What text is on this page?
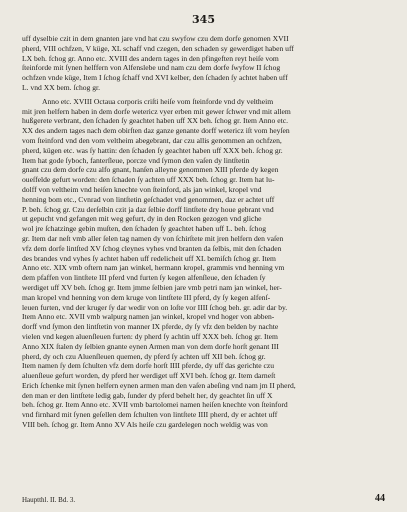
345
uff dyselbie czit in dem gnanten jare vnd hat czu swyfow czu dem dorfe genomen XVII
pherd, VIII ochfzen, V küge, XL schaff vnd czegen, den schaden sy gewerdiget haben uff
LX beh. fchog gr. Anno etc. XVIII des andern tages in den pfingeften reyt heiſe vom
ſteinforde mit ſynen helffern von Alfenslebe und nam czu dem dorfe ſwyfow II ſchog
ochfzen vnde küge, Item I ſchog ſchaff vnd XVI kelber, den ſchaden ſy achtet haben uff
L. vnd XX bem. ſchog gr.
Anno etc. XVIII Octaua corporis criſti heiſe vom ſteinforde vnd dy veltheim
mit jren helfern haben in dem dorfe wetericz vyer erben mit gewer ſchwer vnd mit allem
hußgerete verbrant, den ſchaden ſy geachtet haben uff XX beh. ſchog gr. Item Anno etc.
XX des andern tages nach dem obirſten daz ganze genante dorff wetericz iſt vom heyſen
vom ſteinford vnd den vom veltheim abegebrant, dar czu allis genommen an ochfzen,
pherd, kügen etc. was ſy hattin: den ſchaden ſy geachtet haben uff XXX beh. ſchog gr.
Item hat gode ſyboch, fanterſleue, porcze vnd ſymon den vaſen dy lintſtetin
gnant czu dem dorfe czu alfo gnant, hanſen alleyne genommen XIII pferde dy kegen
oueſfelde gefurt worden: den ſchaden ſy achten uff XXX beh. ſchog gr. Item hat lu-
dolff von veltheim vnd heiſen knechte von ſteinford, als jan winkel, kropel vnd
henning bom etc., Cvnrad von lintſtetin geſchadet vnd genommen, daz er achtet uff
P. beh. ſchog gr. Czu derſelbin czit ja daz ſelbie dorff lintſtete dry houe gebrant vnd
ut gepucht vnd gefangen mit weg gefurt, dy in den Rocken gezogen vnd gliche
wol jre ſchatzinge gebin muſten, den ſchaden ſy geachtet haben uff L. beh. ſchog
gr. Item dar neſt vmb aller ſelen tag namen dy von ſchirſtete mit jren helfern den vaſen
vfz dem dorfe lintſted XV ſchog cleynes vyhes vnd branten da ſelbis, mit den ſchaden
des brandes vnd vyhes ſy achtet haben uff redelicheit uff XL bemiſch ſchog gr. Item
Anno etc. XIX vmb oftern nam jan winkel, hermann kropel, grammis vnd henning vm
dem pfaffen von lintſtete III pferd vnd furten ſy kegen alfenſleue, den ſchaden ſy
werdiget uff XV beh. ſchog gr. Item jmme ſelbien jare vmb petri nam jan winkel, her-
man kropel vnd henning von dem kruge von lintſtete III pferd, dy ſy kegen alfenſ-
leuen furten, vnd der kruger ſy dar wedir von on loſte vor IIII ſchog beh. gr. adir dar by.
Item Anno etc. XVII vmb walpurg namen jan winkel, kropel vnd hoger von abben-
dorff vnd ſymon den lintſtetin von manner IX pferde, dy ſy vfz den belden by nachte
vielen vnd kegen aluenſleuen furten: dy pherd ſy achtin uff XXX beh. ſchog gr. Item
Anno XIX ſtalen dy ſelbien gnante eynen Armen man von dem dorfe horſt genant III
pherd, dy och czu Aluenſleuen quemen, dy pferd ſy achten uff XII beh. ſchog gr.
Item namen ſy dem ſchulten vfz dem dorfe horſt IIII pferde, dy uff das gerichte czu
aluenſleue gefurt worden, dy pferd her werdiget uff XVI beh. ſchog gr. Item darneſt
Erich ſchenke mit ſynen helfern eynen armen man den vaſen abeſing vnd nam jm II pherd,
den man er den lintſtete ledig gab, ſunder dy pferd behelt her, dy geachtet ſin uff X
beh. ſchog gr. Item Anno etc. XVII vmb bartolomei namen heiſen knechte von ſteinford
vnd firnhard mit ſynen geſellen dem ſchulten von lintſtete IIII pherd, dy er achtet uff
VIII beh. ſchog gr. Item Anno XV Als heiſe czu gardelegen noch weldig was von
Hauptthl. II. Bd. 3.	44
